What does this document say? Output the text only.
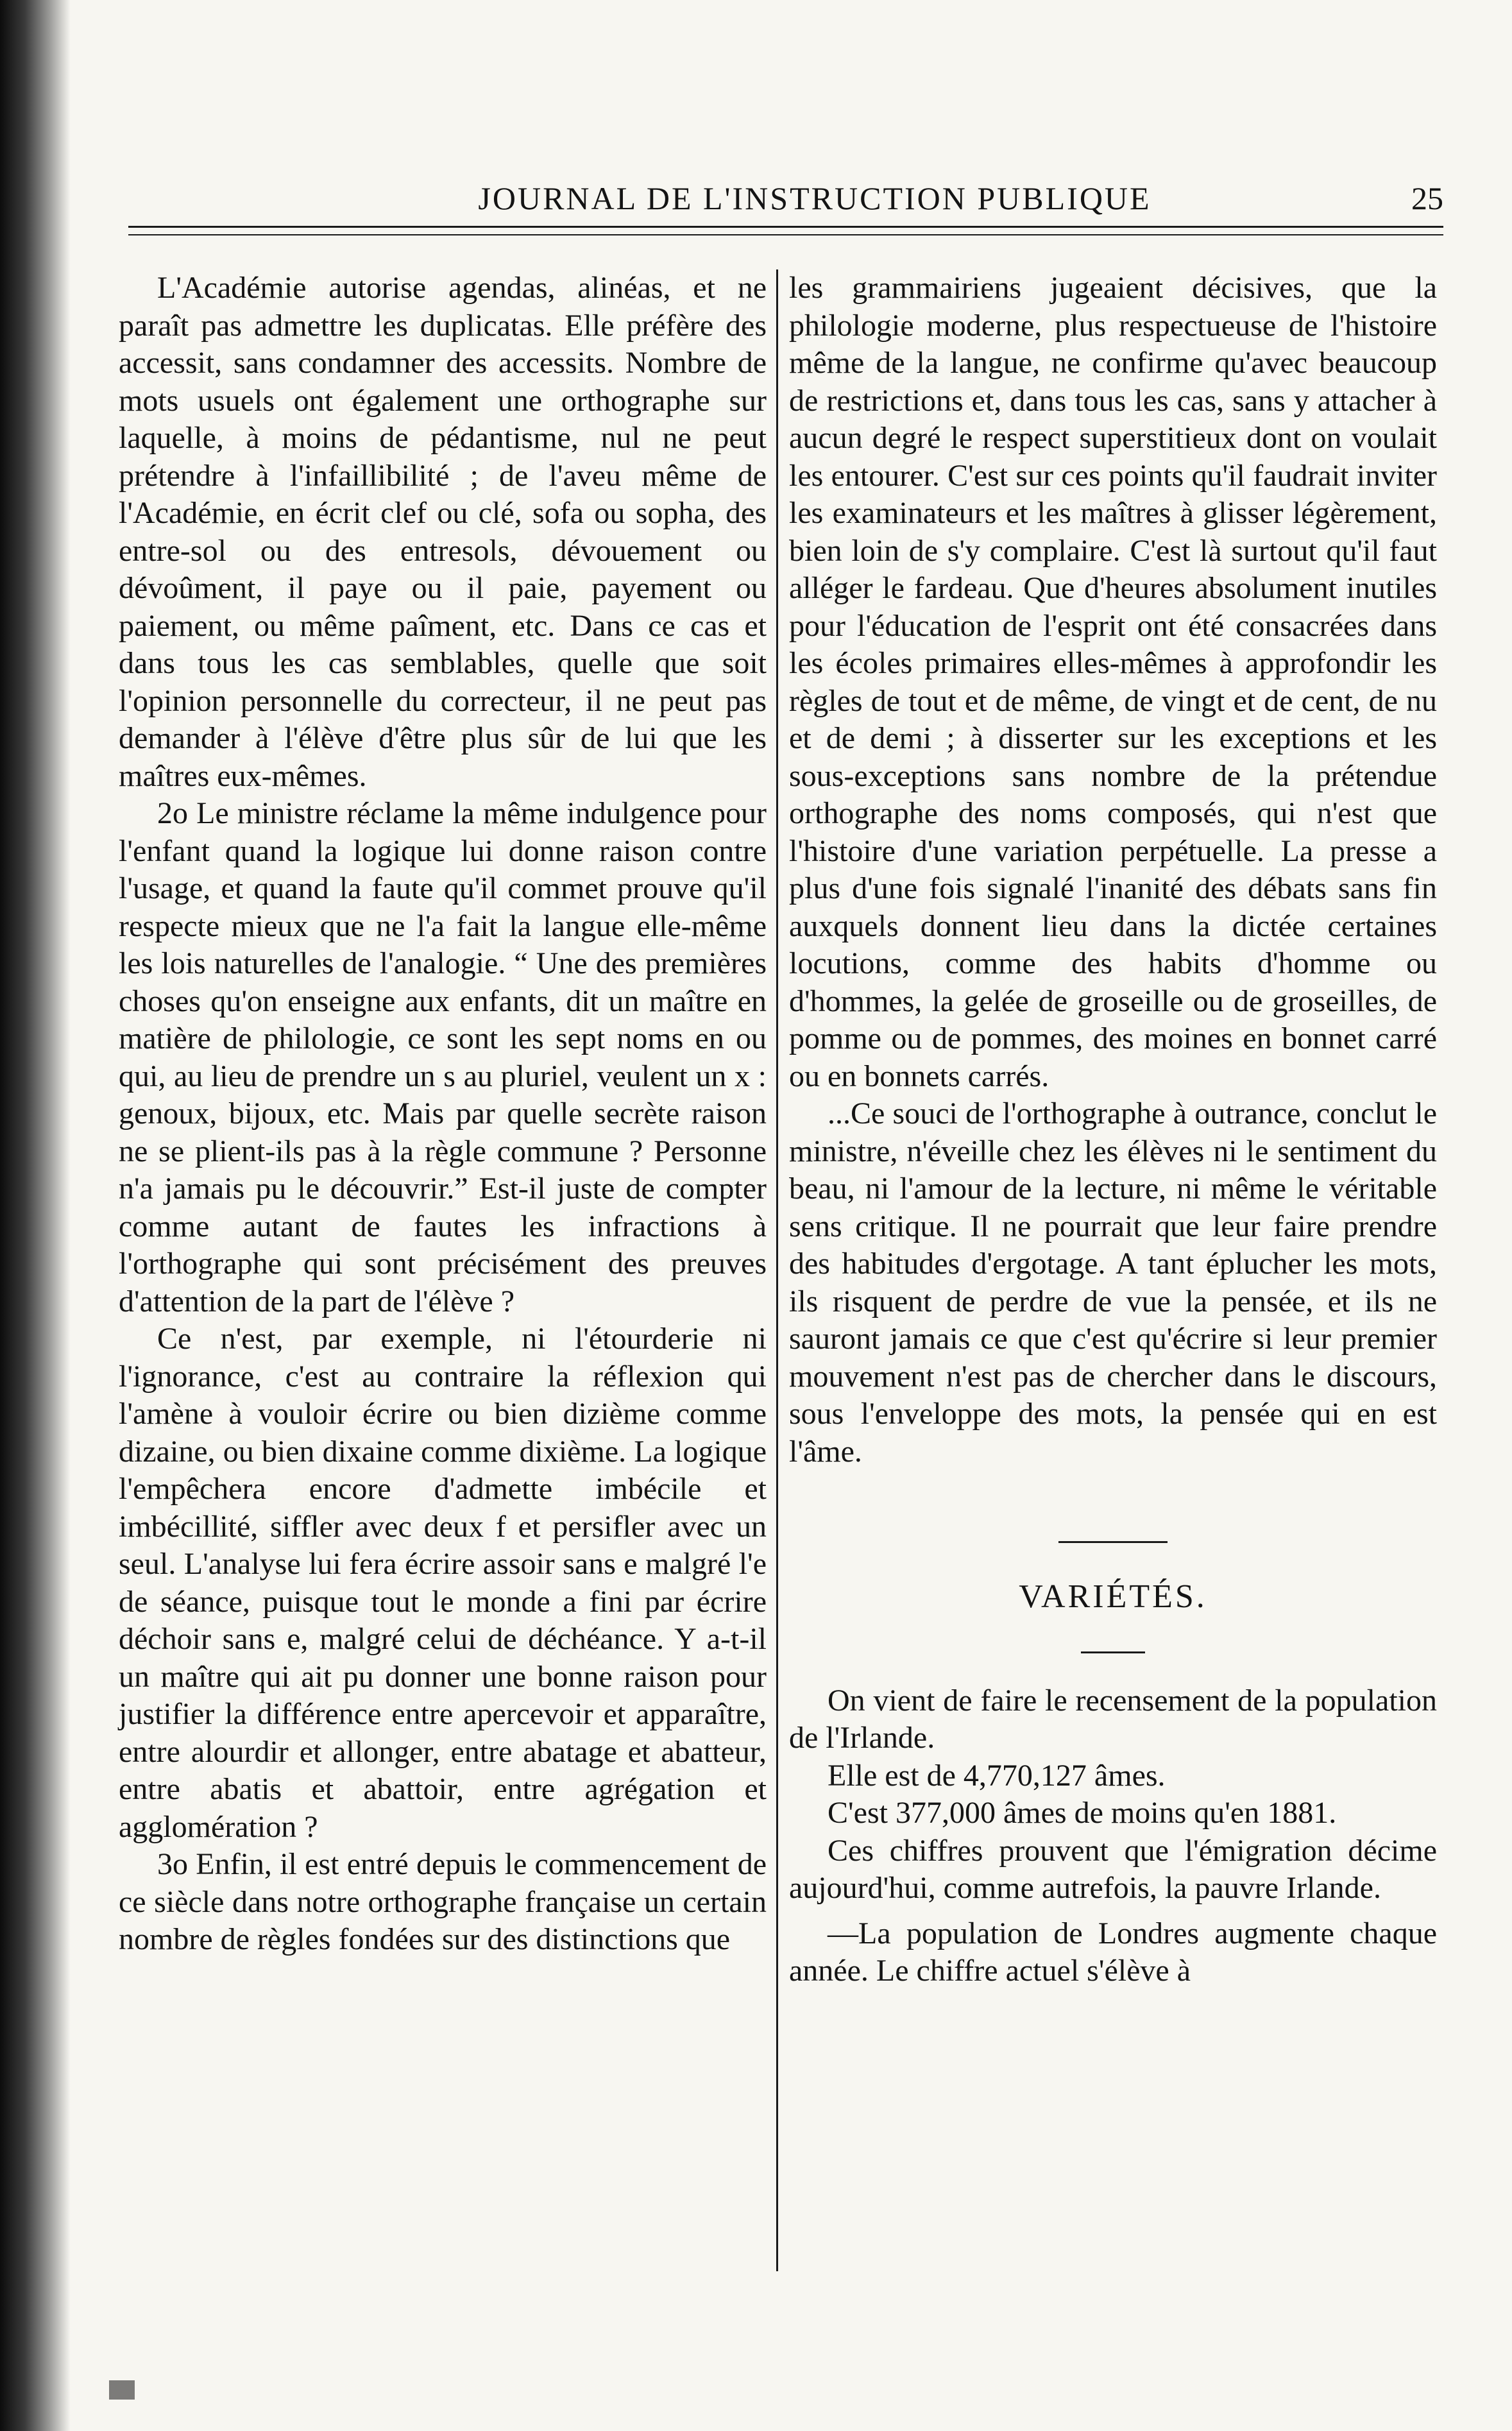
JOURNAL DE L'INSTRUCTION PUBLIQUE	25

L'Académie autorise agendas, alinéas, et ne paraît pas admettre les duplicatas. Elle préfère des accessit, sans condamner des accessits. Nombre de mots usuels ont également une orthographe sur laquelle, à moins de pédantisme, nul ne peut prétendre à l'infaillibilité ; de l'aveu même de l'Académie, en écrit clef ou clé, sofa ou sopha, des entre-sol ou des entresols, dévouement ou dévoûment, il paye ou il paie, payement ou paiement, ou même paîment, etc. Dans ce cas et dans tous les cas semblables, quelle que soit l'opinion personnelle du correcteur, il ne peut pas demander à l'élève d'être plus sûr de lui que les maîtres eux-mêmes.

2o Le ministre réclame la même indulgence pour l'enfant quand la logique lui donne raison contre l'usage, et quand la faute qu'il commet prouve qu'il respecte mieux que ne l'a fait la langue elle-même les lois naturelles de l'analogie. “ Une des premières choses qu'on enseigne aux enfants, dit un maître en matière de philologie, ce sont les sept noms en ou qui, au lieu de prendre un s au pluriel, veulent un x : genoux, bijoux, etc. Mais par quelle secrète raison ne se plient-ils pas à la règle commune ? Personne n'a jamais pu le découvrir.” Est-il juste de compter comme autant de fautes les infractions à l'orthographe qui sont précisément des preuves d'attention de la part de l'élève ?

Ce n'est, par exemple, ni l'étourderie ni l'ignorance, c'est au contraire la réflexion qui l'amène à vouloir écrire ou bien dizième comme dizaine, ou bien dixaine comme dixième. La logique l'empêchera encore d'admette imbécile et imbécillité, siffler avec deux f et persifler avec un seul. L'analyse lui fera écrire assoir sans e malgré l'e de séance, puisque tout le monde a fini par écrire déchoir sans e, malgré celui de déchéance. Y a-t-il un maître qui ait pu donner une bonne raison pour justifier la différence entre apercevoir et apparaître, entre alourdir et allonger, entre abatage et abatteur, entre abatis et abattoir, entre agrégation et agglomération ?

3o Enfin, il est entré depuis le commencement de ce siècle dans notre orthographe française un certain nombre de règles fondées sur des distinctions que

les grammairiens jugeaient décisives, que la philologie moderne, plus respectueuse de l'histoire même de la langue, ne confirme qu'avec beaucoup de restrictions et, dans tous les cas, sans y attacher à aucun degré le respect superstitieux dont on voulait les entourer. C'est sur ces points qu'il faudrait inviter les examinateurs et les maîtres à glisser légèrement, bien loin de s'y complaire. C'est là surtout qu'il faut alléger le fardeau. Que d'heures absolument inutiles pour l'éducation de l'esprit ont été consacrées dans les écoles primaires elles-mêmes à approfondir les règles de tout et de même, de vingt et de cent, de nu et de demi ; à disserter sur les exceptions et les sous-exceptions sans nombre de la prétendue orthographe des noms composés, qui n'est que l'histoire d'une variation perpétuelle. La presse a plus d'une fois signalé l'inanité des débats sans fin auxquels donnent lieu dans la dictée certaines locutions, comme des habits d'homme ou d'hommes, la gelée de groseille ou de groseilles, de pomme ou de pommes, des moines en bonnet carré ou en bonnets carrés.

...Ce souci de l'orthographe à outrance, conclut le ministre, n'éveille chez les élèves ni le sentiment du beau, ni l'amour de la lecture, ni même le véritable sens critique. Il ne pourrait que leur faire prendre des habitudes d'ergotage. A tant éplucher les mots, ils risquent de perdre de vue la pensée, et ils ne sauront jamais ce que c'est qu'écrire si leur premier mouvement n'est pas de chercher dans le discours, sous l'enveloppe des mots, la pensée qui en est l'âme.

VARIÉTÉS.

On vient de faire le recensement de la population de l'Irlande.

Elle est de 4,770,127 âmes.

C'est 377,000 âmes de moins qu'en 1881.

Ces chiffres prouvent que l'émigration décime aujourd'hui, comme autrefois, la pauvre Irlande.

—La population de Londres augmente chaque année. Le chiffre actuel s'élève à
